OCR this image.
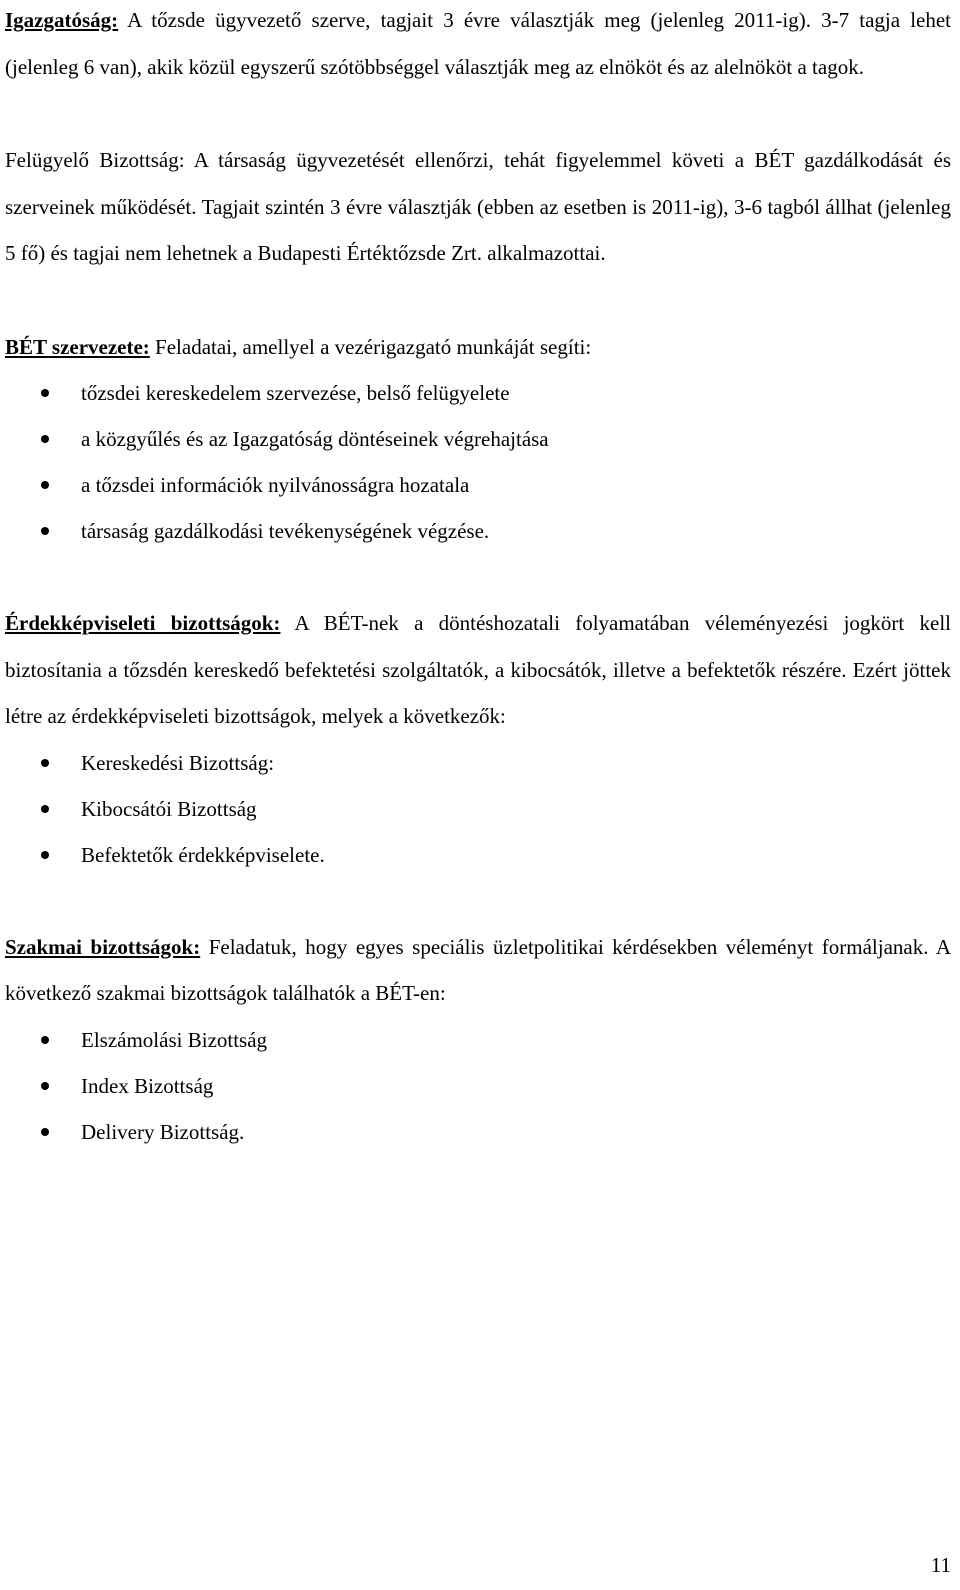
Igazgatóság: A tőzsde ügyvezető szerve, tagjait 3 évre választják meg (jelenleg 2011-ig). 3-7 tagja lehet (jelenleg 6 van), akik közül egyszerű szótöbbséggel választják meg az elnököt és az alelnököt a tagok.

Felügyelő Bizottság: A társaság ügyvezetését ellenőrzi, tehát figyelemmel követi a BÉT gazdálkodását és szerveinek működését. Tagjait szintén 3 évre választják (ebben az esetben is 2011-ig), 3-6 tagból állhat (jelenleg 5 fő) és tagjai nem lehetnek a Budapesti Értéktőzsde Zrt. alkalmazottai.

BÉT szervezete: Feladatai, amellyel a vezérigazgató munkáját segíti:

tőzsdei kereskedelem szervezése, belső felügyelete
a közgyűlés és az Igazgatóság döntéseinek végrehajtása
a tőzsdei információk nyilvánosságra hozatala
társaság gazdálkodási tevékenységének végzése.

Érdekképviseleti bizottságok: A BÉT-nek a döntéshozatali folyamatában véleményezési jogkört kell biztosítania a tőzsdén kereskedő befektetési szolgáltatók, a kibocsátók, illetve a befektetők részére. Ezért jöttek létre az érdekképviseleti bizottságok, melyek a következők:

Kereskedési Bizottság:
Kibocsátói Bizottság
Befektetők érdekképviselete.

Szakmai bizottságok: Feladatuk, hogy egyes speciális üzletpolitikai kérdésekben véleményt formáljanak. A következő szakmai bizottságok találhatók a BÉT-en:

Elszámolási Bizottság
Index Bizottság
Delivery Bizottság.
11
